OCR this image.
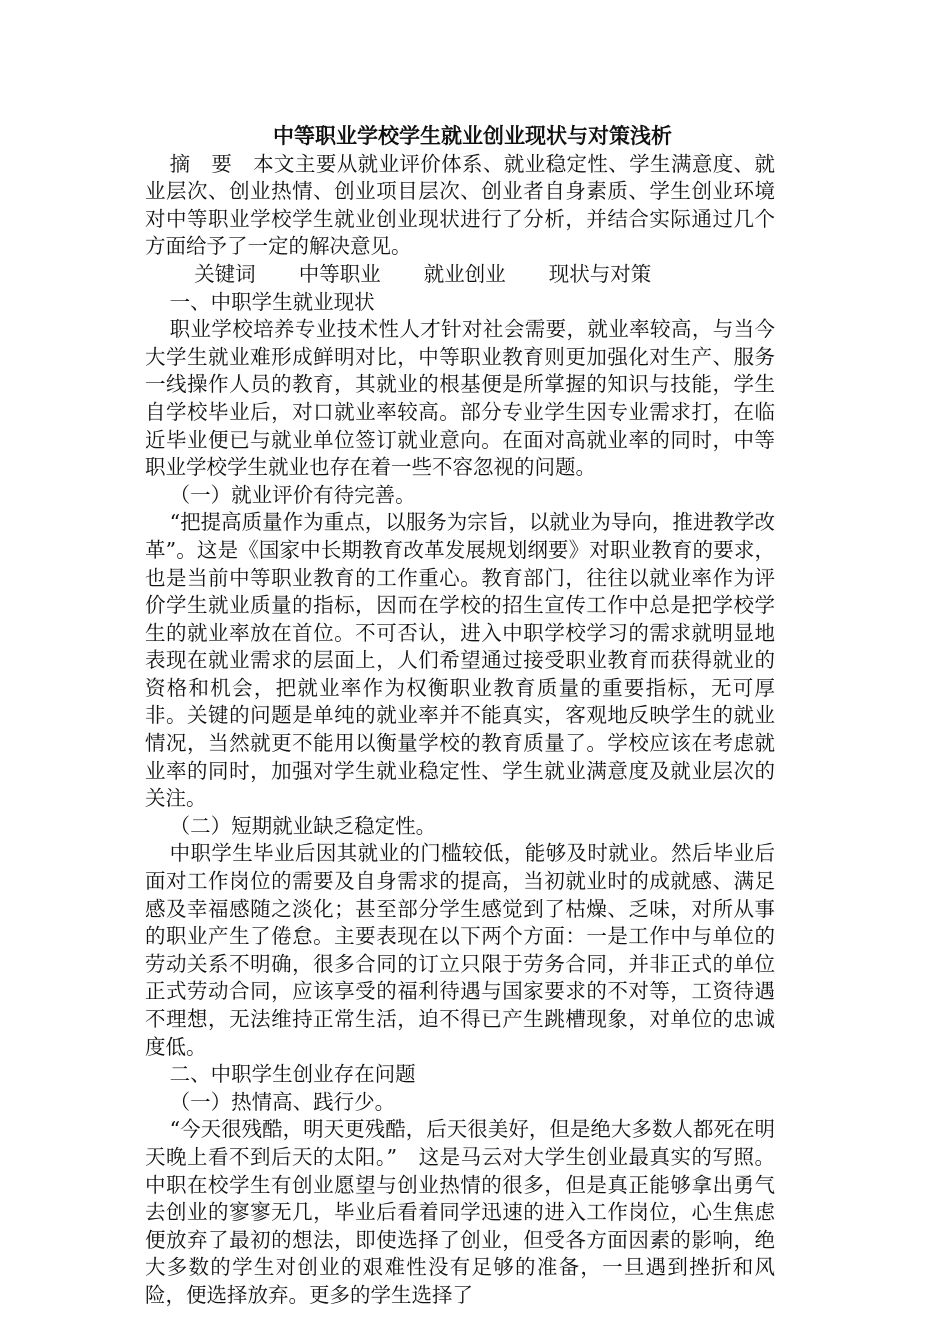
中等职业学校学生就业创业现状与对策浅析

摘　要　 本文主要从就业评价体系、就业稳定性、学生满意度、就业层次、创业热情、创业项目层次、创业者自身素质、学生创业环境对中等职业学校学生就业创业现状进行了分析，并结合实际通过几个方面给予了一定的解决意见。

关键词 中等职业 就业创业 现状与对策

一、中职学生就业现状

职业学校培养专业技术性人才针对社会需要，就业率较高，与当今大学生就业难形成鲜明对比，中等职业教育则更加强化对生产、服务一线操作人员的教育，其就业的根基便是所掌握的知识与技能，学生自学校毕业后，对口就业率较高。部分专业学生因专业需求打，在临近毕业便已与就业单位签订就业意向。在面对高就业率的同时，中等职业学校学生就业也存在着一些不容忽视的问题。

（一）就业评价有待完善。

“把提高质量作为重点，以服务为宗旨，以就业为导向，推进教学改革”。这是《国家中长期教育改革发展规划纲要》对职业教育的要求，也是当前中等职业教育的工作重心。教育部门，往往以就业率作为评价学生就业质量的指标，因而在学校的招生宣传工作中总是把学校学生的就业率放在首位。不可否认，进入中职学校学习的需求就明显地表现在就业需求的层面上，人们希望通过接受职业教育而获得就业的资格和机会，把就业率作为权衡职业教育质量的重要指标，无可厚非。关键的问题是单纯的就业率并不能真实，客观地反映学生的就业情况，当然就更不能用以衡量学校的教育质量了。学校应该在考虑就业率的同时，加强对学生就业稳定性、学生就业满意度及就业层次的关注。

（二）短期就业缺乏稳定性。

中职学生毕业后因其就业的门槛较低，能够及时就业。然后毕业后面对工作岗位的需要及自身需求的提高，当初就业时的成就感、满足感及幸福感随之淡化；甚至部分学生感觉到了枯燥、乏味，对所从事的职业产生了倦怠。主要表现在以下两个方面：一是工作中与单位的劳动关系不明确，很多合同的订立只限于劳务合同，并非正式的单位正式劳动合同，应该享受的福利待遇与国家要求的不对等，工资待遇不理想，无法维持正常生活，迫不得已产生跳槽现象，对单位的忠诚度低。

二、中职学生创业存在问题

（一）热情高、践行少。

“今天很残酷，明天更残酷，后天很美好，但是绝大多数人都死在明天晚上看不到后天的太阳。”　这是马云对大学生创业最真实的写照。中职在校学生有创业愿望与创业热情的很多，但是真正能够拿出勇气去创业的寥寥无几，毕业后看着同学迅速的进入工作岗位，心生焦虑便放弃了最初的想法，即使选择了创业，但受各方面因素的影响，绝大多数的学生对创业的艰难性没有足够的准备，一旦遇到挫折和风险，便选择放弃。更多的学生选择了
